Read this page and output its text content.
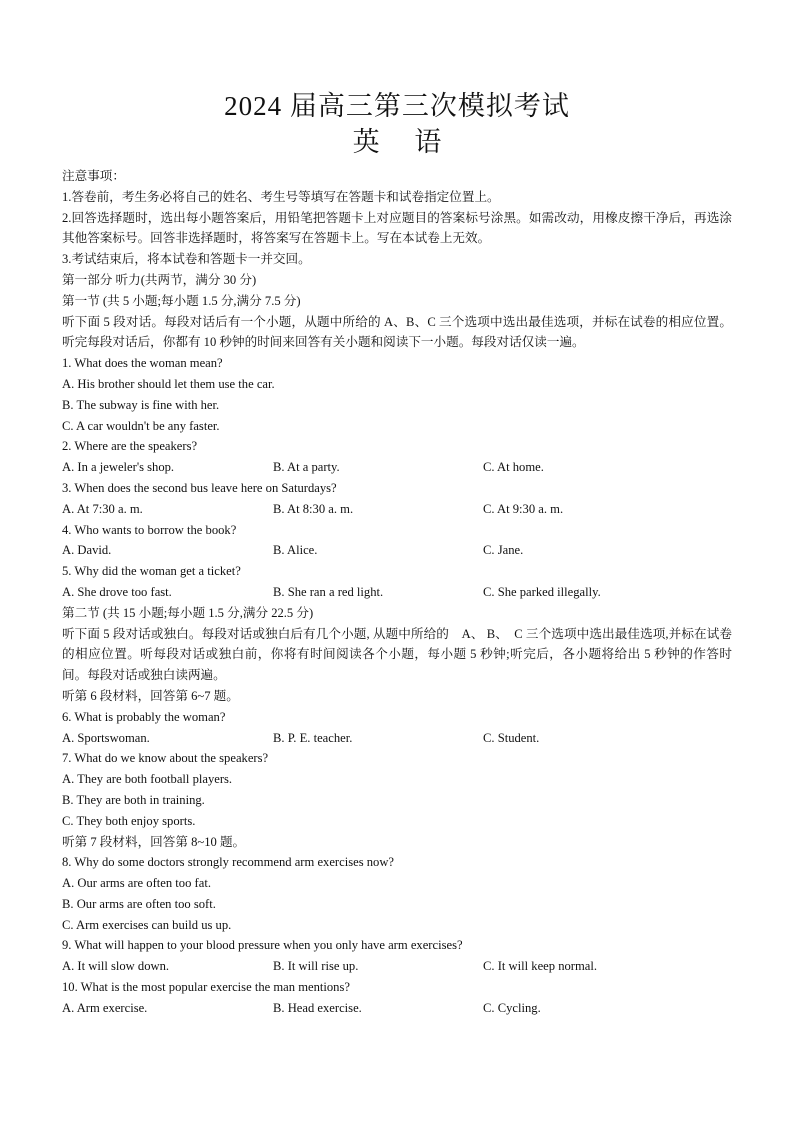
2024 届高三第三次模拟考试
英 语
注意事项：
1.答卷前，考生务必将自己的姓名、考生号等填写在答题卡和试卷指定位置上。
2.回答选择题时，选出每小题答案后，用铅笔把答题卡上对应题目的答案标号涂黑。如需改动，用橡皮擦干净后，再选涂其他答案标号。回答非选择题时，将答案写在答题卡上。写在本试卷上无效。
3.考试结束后，将本试卷和答题卡一并交回。
第一部分 听力(共两节，满分 30 分)
第一节 (共 5 小题;每小题 1.5 分,满分 7.5 分)
听下面 5 段对话。每段对话后有一个小题，从题中所给的 A、B、C 三个选项中选出最佳选项，并标在试卷的相应位置。听完每段对话后，你都有 10 秒钟的时间来回答有关小题和阅读下一小题。每段对话仅读一遍。
1. What does the woman mean?
A. His brother should let them use the car.
B. The subway is fine with her.
C. A car wouldn't be any faster.
2. Where are the speakers?
A. In a jeweler's shop.	B. At a party.	C. At home.
3. When does the second bus leave here on Saturdays?
A. At 7:30 a. m.	B. At 8:30 a. m.	C. At 9:30 a. m.
4. Who wants to borrow the book?
A. David.	B. Alice.	C. Jane.
5. Why did the woman get a ticket?
A. She drove too fast.	B. She ran a red light.	C. She parked illegally.
第二节 (共 15 小题;每小题 1.5 分,满分 22.5 分)
听下面 5 段对话或独白。每段对话或独白后有几个小题, 从题中所给的　A、 B、　C 三个选项中选出最佳选项,并标在试卷的相应位置。听每段对话或独白前，你将有时间阅读各个小题，每小题 5 秒钟;听完后，各小题将给出 5 秒钟的作答时间。每段对话或独白读两遍。
听第 6 段材料，回答第 6~7 题。
6. What is probably the woman?
A. Sportswoman.	B. P. E. teacher.	C. Student.
7. What do we know about the speakers?
A. They are both football players.
B. They are both in training.
C. They both enjoy sports.
听第 7 段材料，回答第 8~10 题。
8. Why do some doctors strongly recommend arm exercises now?
A. Our arms are often too fat.
B. Our arms are often too soft.
C. Arm exercises can build us up.
9. What will happen to your blood pressure when you only have arm exercises?
A. It will slow down.	B. It will rise up.	C. It will keep normal.
10. What is the most popular exercise the man mentions?
A. Arm exercise.	B. Head exercise.	C. Cycling.
